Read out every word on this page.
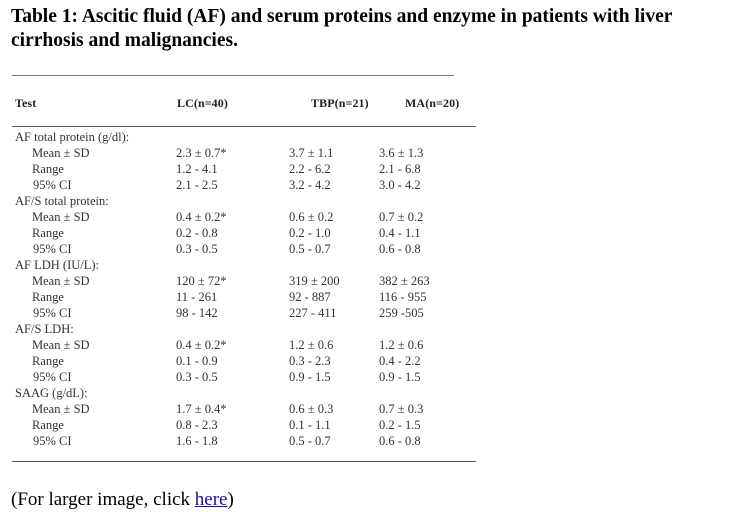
Table 1: Ascitic fluid (AF) and serum proteins and enzyme in patients with liver cirrhosis and malignancies.
Test	LC(n=40)	TBP(n=21)	MA(n=20)
AF total protein (g/dl):
Mean ± SD	2.3 ± 0.7*	3.7 ± 1.1	3.6 ± 1.3
Range	1.2 - 4.1	2.2 - 6.2	2.1 - 6.8
95% CI	2.1 - 2.5	3.2 - 4.2	3.0 - 4.2
AF/S total protein:
Mean ± SD	0.4 ± 0.2*	0.6 ± 0.2	0.7 ± 0.2
Range	0.2 - 0.8	0.2 - 1.0	0.4 - 1.1
95% CI	0.3 - 0.5	0.5 - 0.7	0.6 - 0.8
AF LDH (IU/L):
Mean ± SD	120 ± 72*	319 ± 200	382 ± 263
Range	11 - 261	92 - 887	116 - 955
95% CI	98 - 142	227 - 411	259 -505
AF/S LDH:
Mean ± SD	0.4 ± 0.2*	1.2 ± 0.6	1.2 ± 0.6
Range	0.1 - 0.9	0.3 - 2.3	0.4 - 2.2
95% CI	0.3 - 0.5	0.9 - 1.5	0.9 - 1.5
SAAG (g/dL):
Mean ± SD	1.7 ± 0.4*	0.6 ± 0.3	0.7 ± 0.3
Range	0.8 - 2.3	0.1 - 1.1	0.2 - 1.5
95% CI	1.6 - 1.8	0.5 - 0.7	0.6 - 0.8
(For larger image, click here)
